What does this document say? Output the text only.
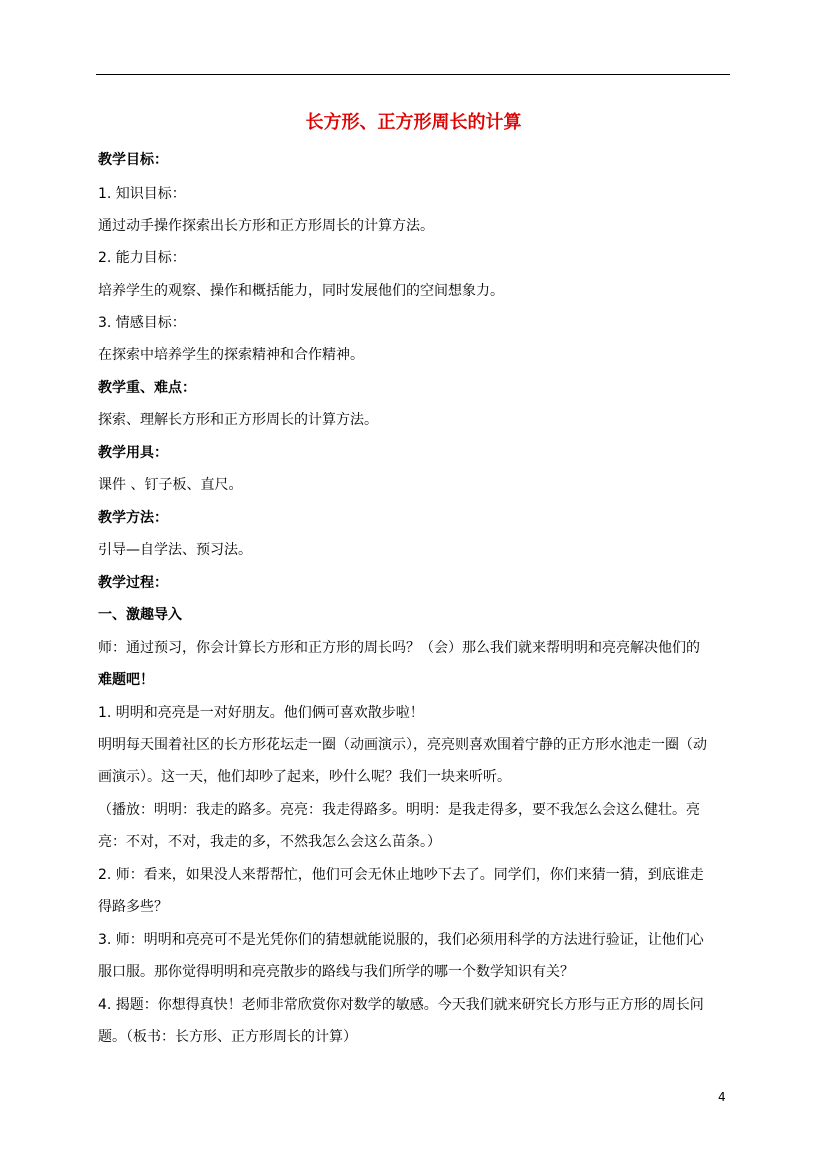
长方形、正方形周长的计算
教学目标：
1. 知识目标：
通过动手操作探索出长方形和正方形周长的计算方法。
2. 能力目标：
培养学生的观察、操作和概括能力，同时发展他们的空间想象力。
3. 情感目标：
在探索中培养学生的探索精神和合作精神。
教学重、难点：
探索、理解长方形和正方形周长的计算方法。
教学用具：
课件 、钉子板、直尺。
教学方法：
引导—自学法、预习法。
教学过程：
一、激趣导入
师：通过预习，你会计算长方形和正方形的周长吗？（会）那么我们就来帮明明和亮亮解决他们的
难题吧！
1. 明明和亮亮是一对好朋友。他们俩可喜欢散步啦！
明明每天围着社区的长方形花坛走一圈（动画演示），亮亮则喜欢围着宁静的正方形水池走一圈（动
画演示）。这一天，他们却吵了起来，吵什么呢？我们一块来听听。
（播放：明明：我走的路多。亮亮：我走得路多。明明：是我走得多，要不我怎么会这么健壮。亮
亮：不对，不对，我走的多，不然我怎么会这么苗条。）
2. 师：看来，如果没人来帮帮忙，他们可会无休止地吵下去了。同学们，你们来猜一猜，到底谁走
得路多些？
3. 师：明明和亮亮可不是光凭你们的猜想就能说服的，我们必须用科学的方法进行验证，让他们心
服口服。那你觉得明明和亮亮散步的路线与我们所学的哪一个数学知识有关？
4. 揭题：你想得真快！老师非常欣赏你对数学的敏感。今天我们就来研究长方形与正方形的周长问
题。（板书：长方形、正方形周长的计算）
4
